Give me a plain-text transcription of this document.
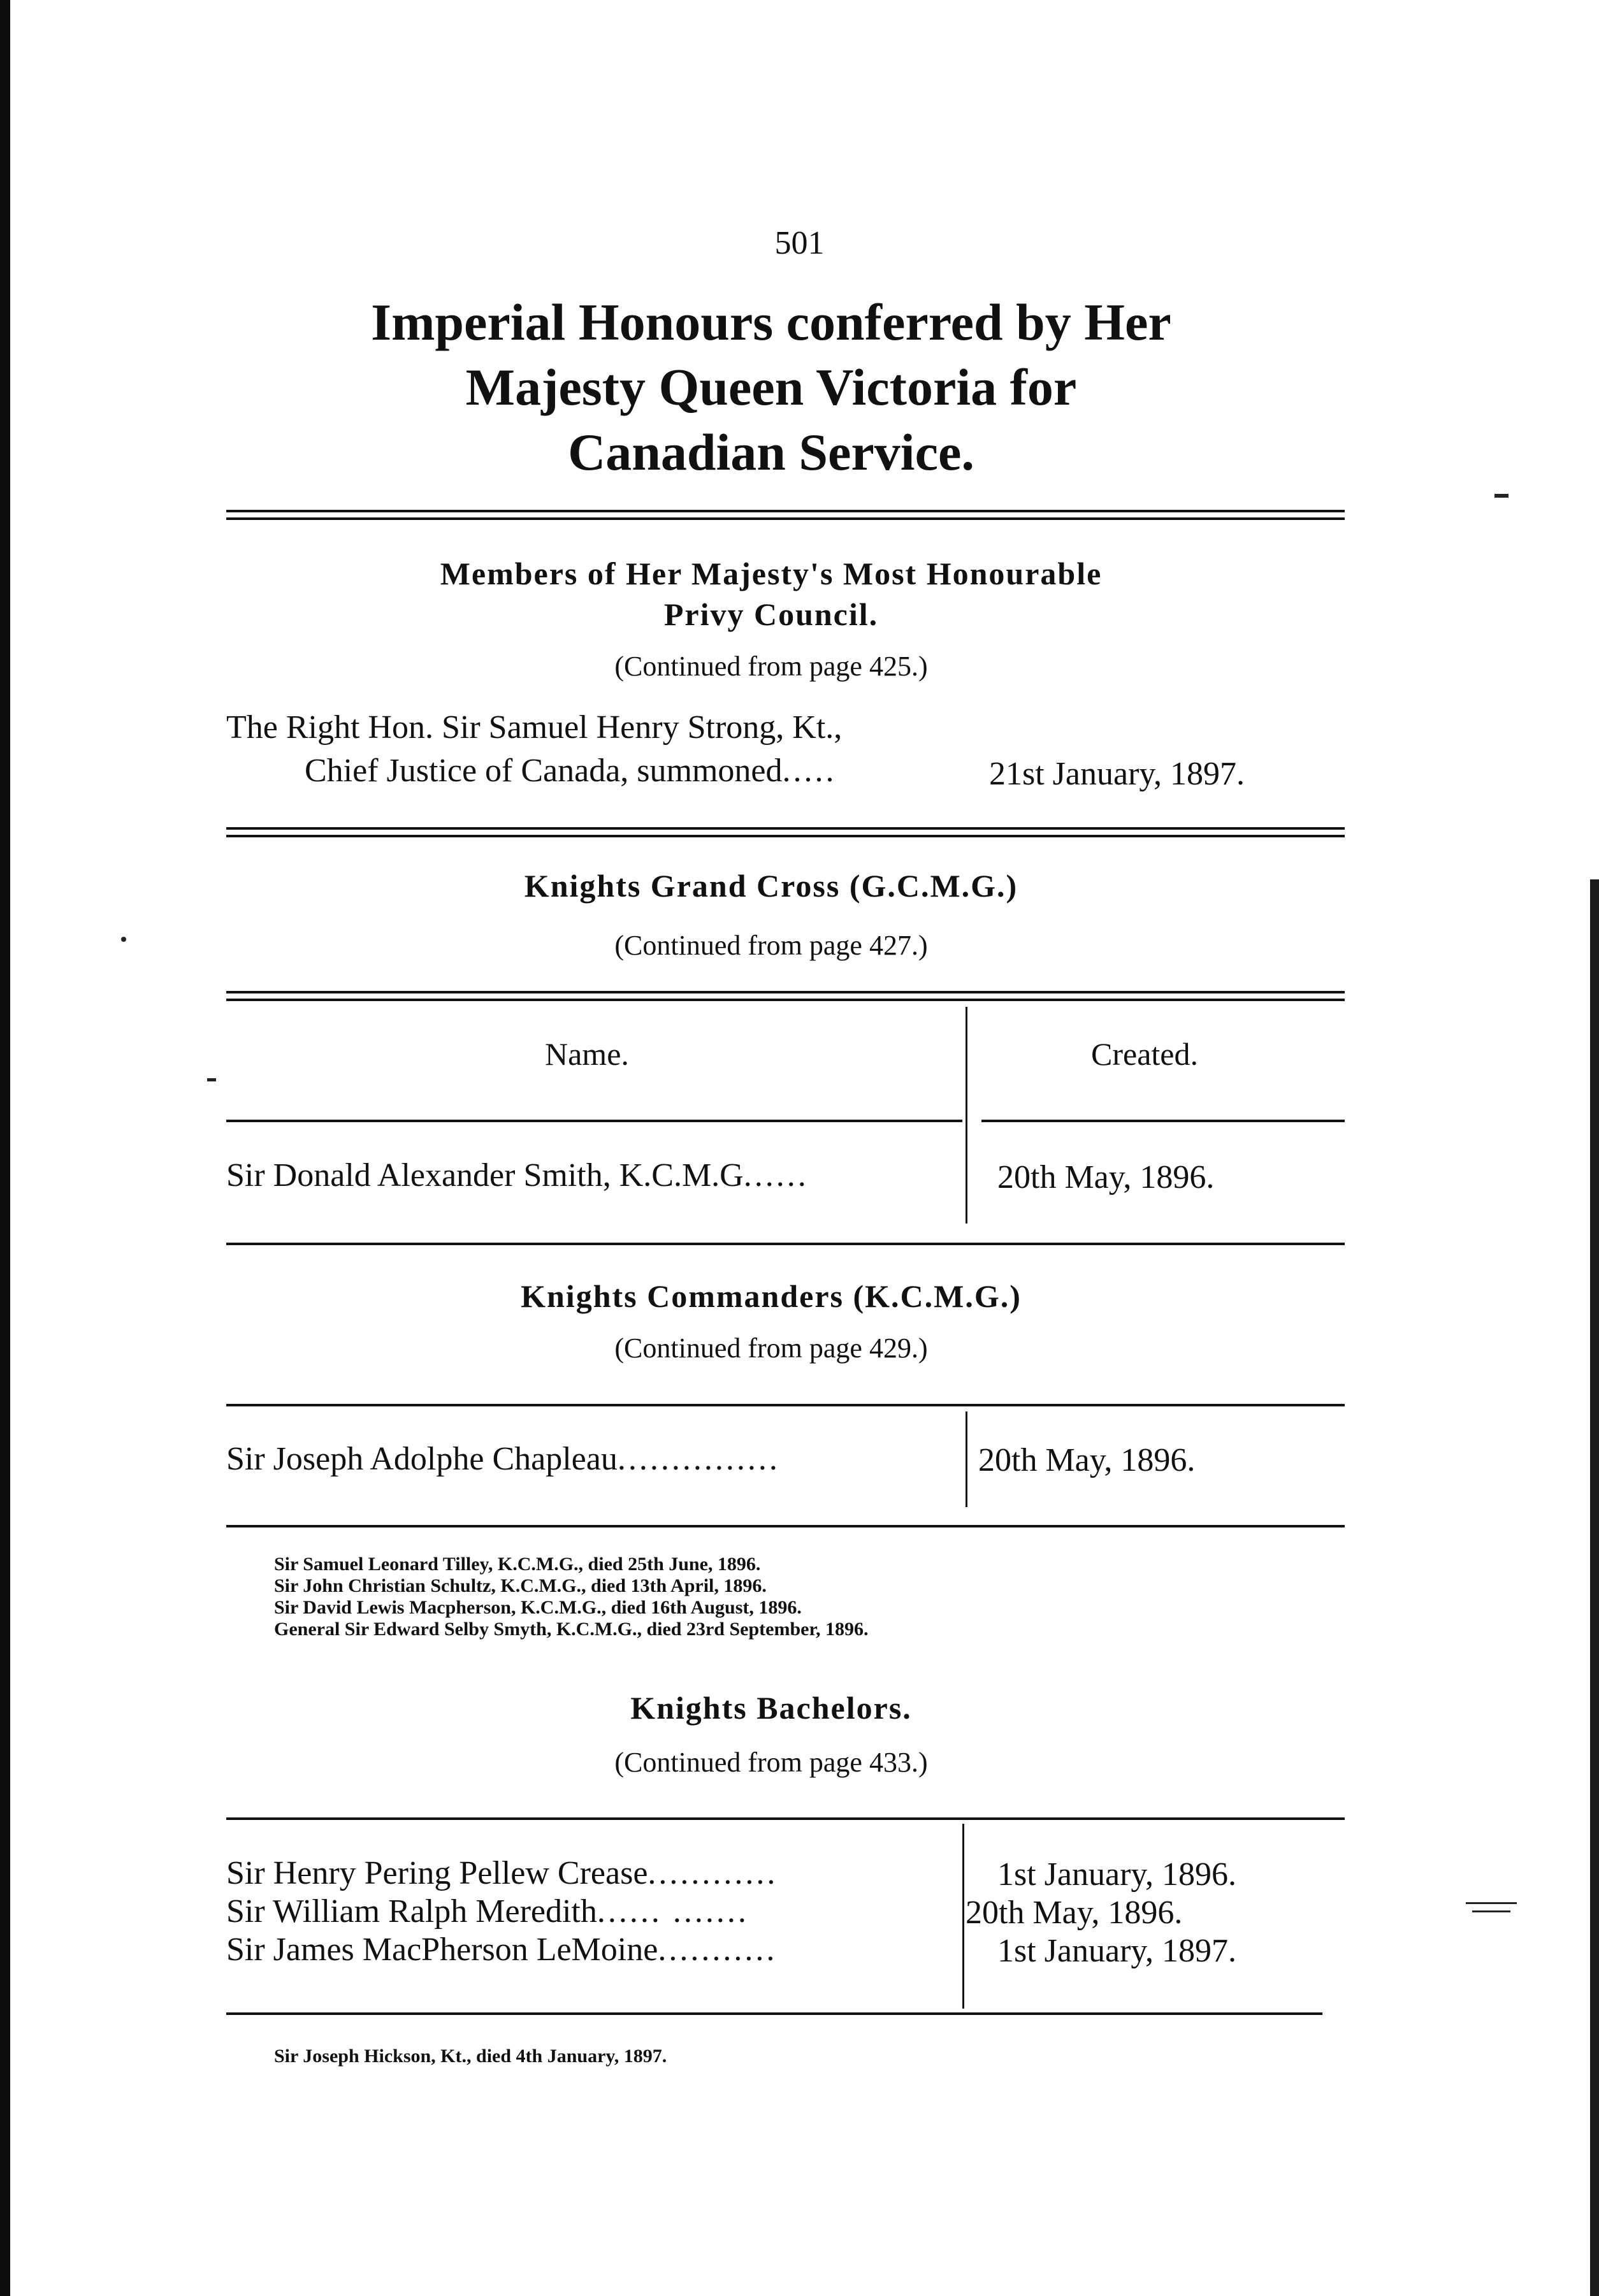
501
Imperial Honours conferred by Her
Majesty Queen Victoria for
Canadian Service.
Members of Her Majesty's Most Honourable
Privy Council.
(Continued from page 425.)
The Right Hon. Sir Samuel Henry Strong, Kt.,
Chief Justice of Canada, summoned.....	21st January, 1897.
Knights Grand Cross (G.C.M.G.)
(Continued from page 427.)
Name.	Created.
Sir Donald Alexander Smith, K.C.M.G......	20th May, 1896.
Knights Commanders (K.C.M.G.)
(Continued from page 429.)
Sir Joseph Adolphe Chapleau...............	20th May, 1896.
Sir Samuel Leonard Tilley, K.C.M.G., died 25th June, 1896.
Sir John Christian Schultz, K.C.M.G., died 13th April, 1896.
Sir David Lewis Macpherson, K.C.M.G., died 16th August, 1896.
General Sir Edward Selby Smyth, K.C.M.G., died 23rd September, 1896.
Knights Bachelors.
(Continued from page 433.)
Sir Henry Pering Pellew Crease............	1st January, 1896.
Sir William Ralph Meredith...... .......	20th May, 1896.
Sir James MacPherson LeMoine...........	1st January, 1897.
Sir Joseph Hickson, Kt., died 4th January, 1897.
